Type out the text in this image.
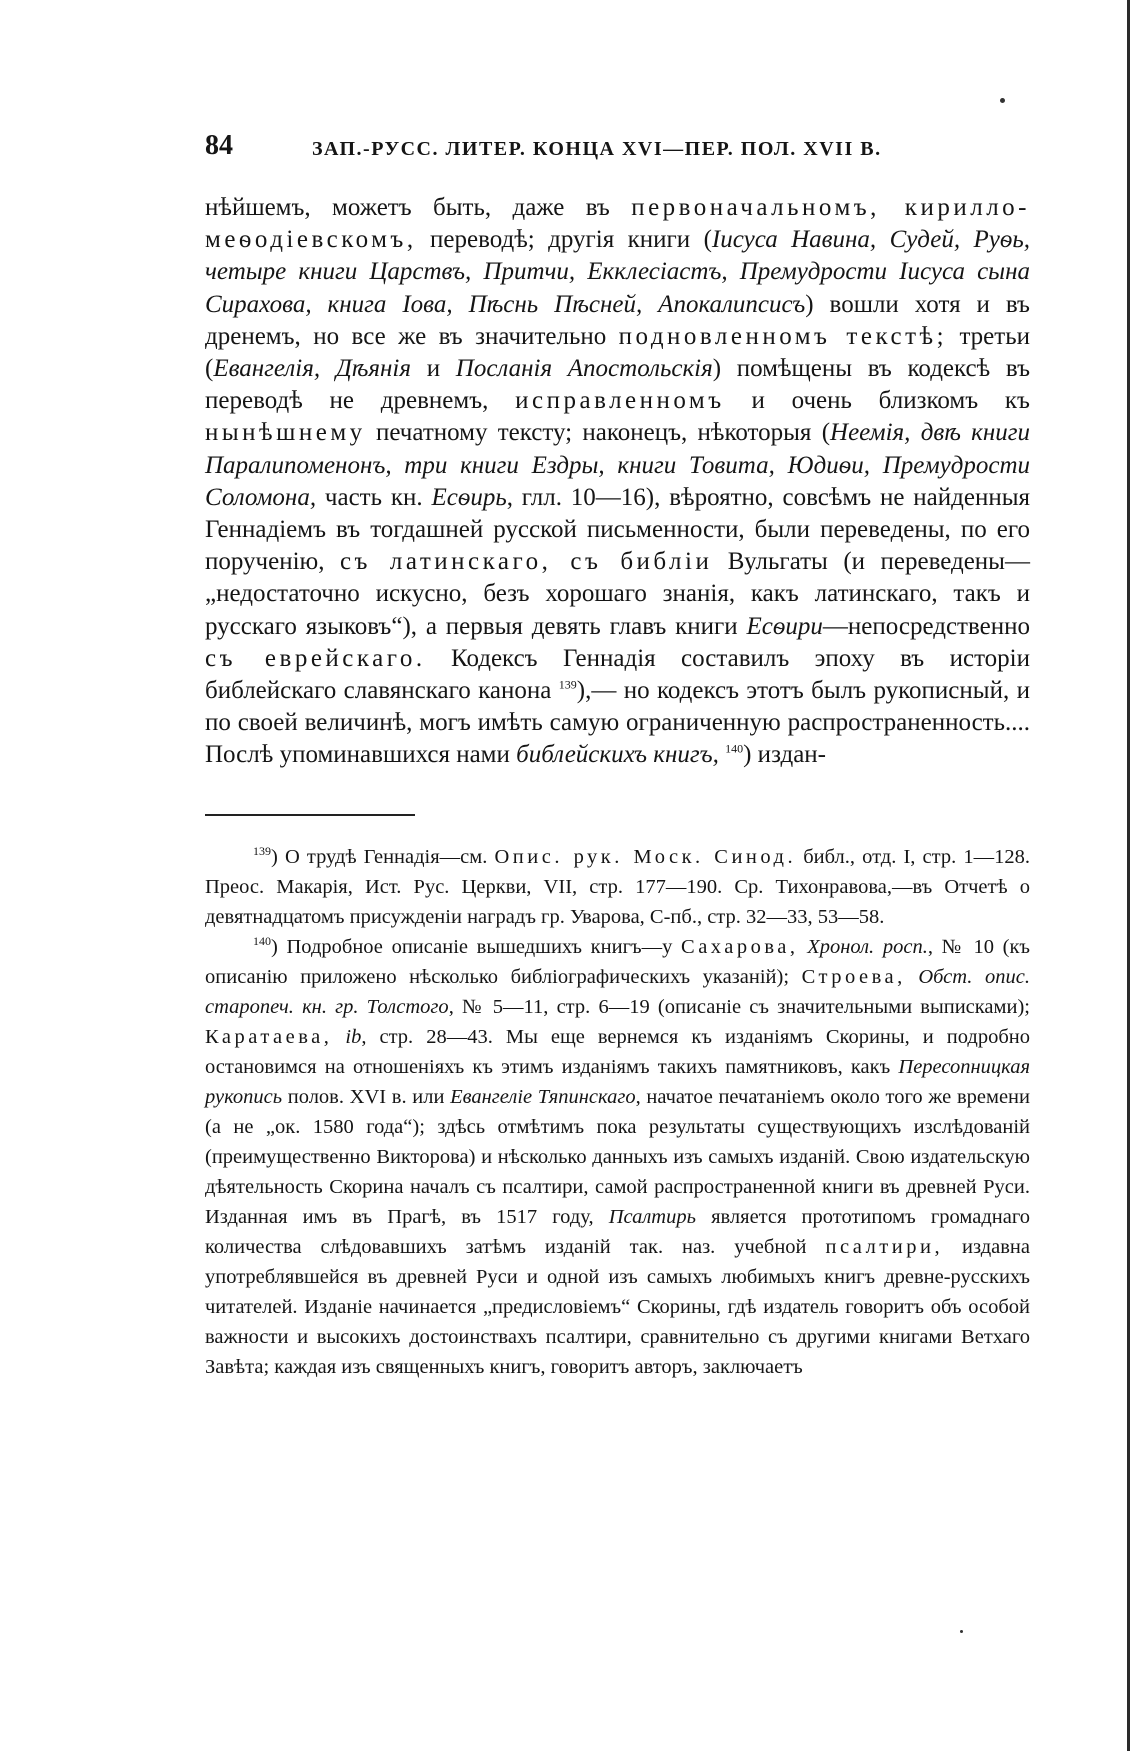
84	ЗАП.-РУСС. ЛИТЕР. КОНЦА XVI—ПЕР. ПОЛ. XVII В.
нѣйшемъ, можетъ быть, даже въ первоначальномъ, кирилло-меѳодіевскомъ, переводѣ; другія книги (Іисуса Навина, Судей, Руѳь, четыре книги Царствъ, Притчи, Екклесіастъ, Премудрости Іисуса сына Сирахова, книга Іова, Пѣснь Пѣсней, Апокалипсисъ) вошли хотя и въ дренемъ, но все же въ значительно подновленномъ текстѣ; третьи (Евангелія, Дѣянія и Посланія Апостольскія) помѣщены въ кодексѣ въ переводѣ не древнемъ, исправленномъ и очень близкомъ къ нынѣшнему печатному тексту; наконецъ, нѣкоторыя (Неемія, двѣ книги Паралипоменонъ, три книги Ездры, книги Товита, Юдиѳи, Премудрости Соломона, часть кн. Есѳирь, глл. 10—16), вѣроятно, совсѣмъ не найденныя Геннадіемъ въ тогдашней русской письменности, были переведены, по его порученію, съ латинскаго, съ библіи Вульгаты (и переведены—„недостаточно искусно, безъ хорошаго знанія, какъ латинскаго, такъ и русскаго языковъ“), а первыя девять главъ книги Есѳири—непосредственно съ еврейскаго. Кодексъ Геннадія составилъ эпоху въ исторіи библейскаго славянскаго канона $^{139}$),— но кодексъ этотъ былъ рукописный, и по своей величинѣ, могъ имѣть самую ограниченную распространенность.... Послѣ упоминавшихся нами библейскихъ книгъ, $^{140}$) издан-

$^{139}$) О трудѣ Геннадія—см. Опис. рук. Моск. Синод. библ., отд. I, стр. 1—128. Преос. Макарія, Ист. Рус. Церкви, VII, стр. 177—190. Ср. Тихонравова,—въ Отчетѣ о девятнадцатомъ присужденіи наградъ гр. Уварова, С-пб., стр. 32—33, 53—58.

$^{140}$) Подробное описаніе вышедшихъ книгъ—у Сахарова, Хронол. росп., № 10 (къ описанію приложено нѣсколько библіографическихъ указаній); Строева, Обст. опис. старопеч. кн. гр. Толстого, № 5—11, стр. 6—19 (описаніе съ значительными выписками); Каратаева, ib, стр. 28—43. Мы еще вернемся къ изданіямъ Скорины, и подробно остановимся на отношеніяхъ къ этимъ изданіямъ такихъ памятниковъ, какъ Пересопницкая рукопись полов. XVI в. или Евангеліе Тяпинскаго, начатое печатаніемъ около того же времени (а не „ок. 1580 года“); здѣсь отмѣтимъ пока результаты существующихъ изслѣдованій (преимущественно Викторова) и нѣсколько данныхъ изъ самыхъ изданій. Свою издательскую дѣятельность Скорина началъ съ псалтири, самой распространенной книги въ древней Руси. Изданная имъ въ Прагѣ, въ 1517 году, Псалтирь является прототипомъ громаднаго количества слѣдовавшихъ затѣмъ изданій так. наз. учебной псалтири, издавна употреблявшейся въ древней Руси и одной изъ самыхъ любимыхъ книгъ древне-русскихъ читателей. Изданіе начинается „предисловіемъ“ Скорины, гдѣ издатель говоритъ объ особой важности и высокихъ достоинствахъ псалтири, сравнительно съ другими книгами Ветхаго Завѣта; каждая изъ священныхъ книгъ, говоритъ авторъ, заключаетъ
